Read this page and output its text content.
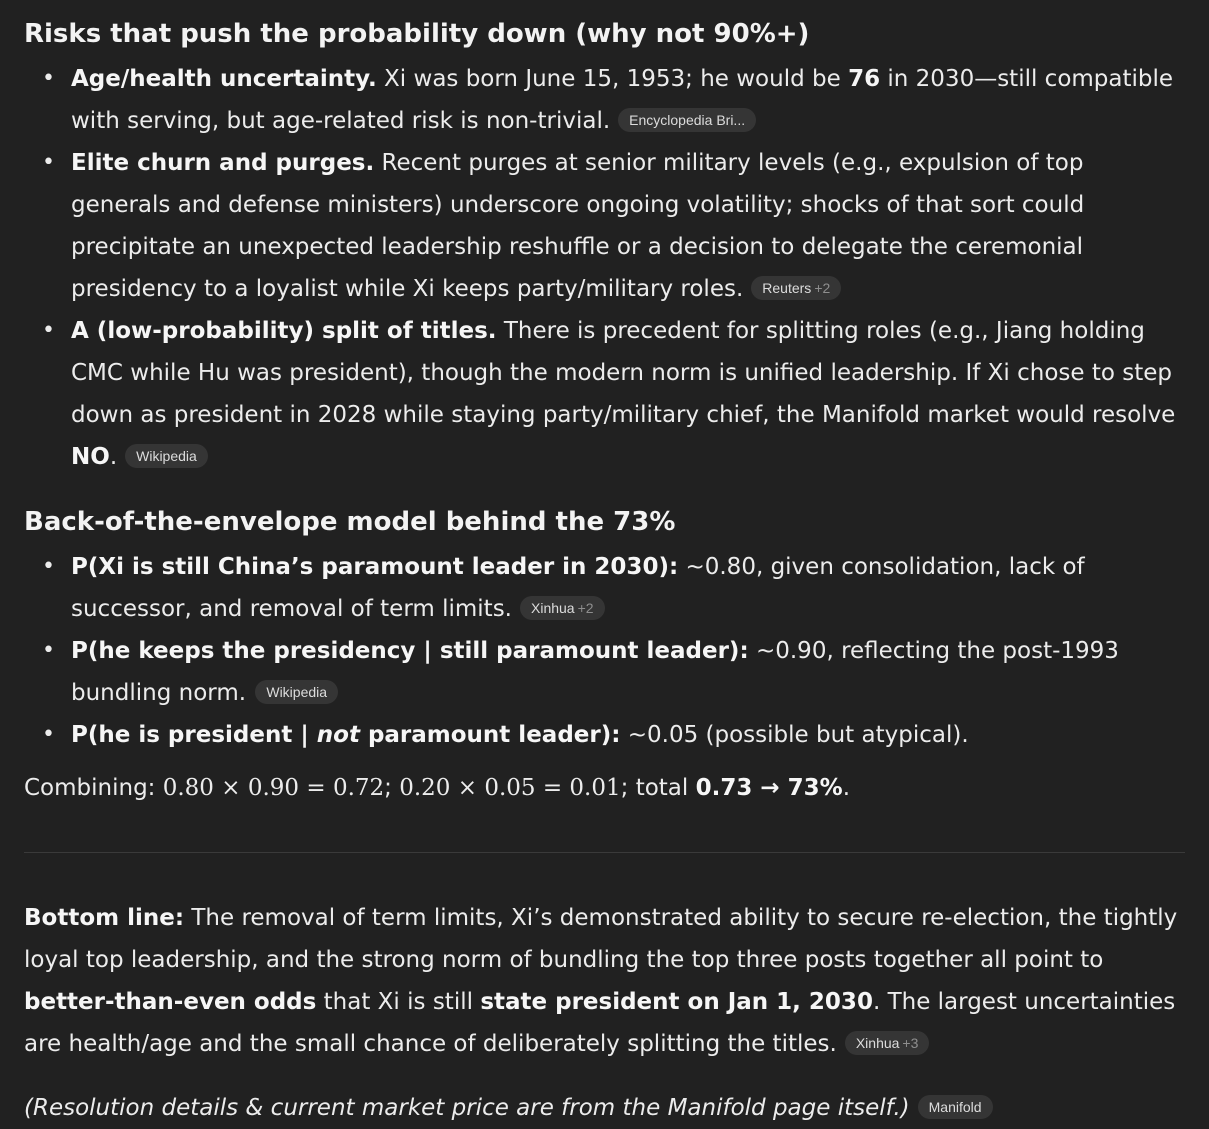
Risks that push the probability down (why not 90%+)
• Age/health uncertainty. Xi was born June 15, 1953; he would be 76 in 2030—still compatible with serving, but age-related risk is non-trivial. Encyclopedia Bri...
• Elite churn and purges. Recent purges at senior military levels (e.g., expulsion of top generals and defense ministers) underscore ongoing volatility; shocks of that sort could precipitate an unexpected leadership reshuffle or a decision to delegate the ceremonial presidency to a loyalist while Xi keeps party/military roles. Reuters +2
• A (low-probability) split of titles. There is precedent for splitting roles (e.g., Jiang holding CMC while Hu was president), though the modern norm is unified leadership. If Xi chose to step down as president in 2028 while staying party/military chief, the Manifold market would resolve NO. Wikipedia
Back-of-the-envelope model behind the 73%
• P(Xi is still China’s paramount leader in 2030): ~0.80, given consolidation, lack of successor, and removal of term limits. Xinhua +2
• P(he keeps the presidency | still paramount leader): ~0.90, reflecting the post-1993 bundling norm. Wikipedia
• P(he is president | not paramount leader): ~0.05 (possible but atypical).
Combining: 0.80 × 0.90 = 0.72; 0.20 × 0.05 = 0.01; total 0.73 → 73%.
Bottom line: The removal of term limits, Xi’s demonstrated ability to secure re-election, the tightly loyal top leadership, and the strong norm of bundling the top three posts together all point to better-than-even odds that Xi is still state president on Jan 1, 2030. The largest uncertainties are health/age and the small chance of deliberately splitting the titles. Xinhua +3
(Resolution details & current market price are from the Manifold page itself.) Manifold
